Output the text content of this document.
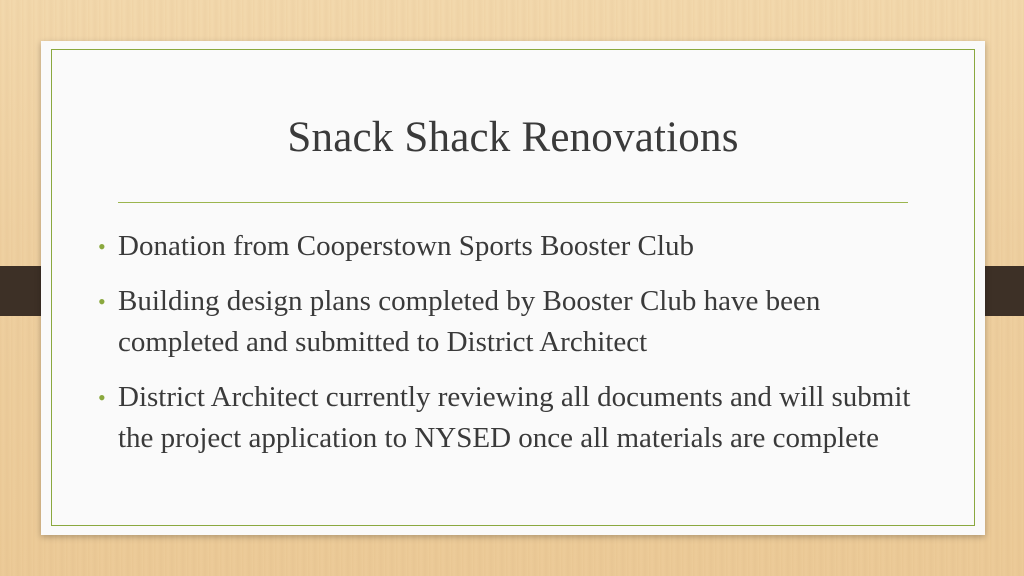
Snack Shack Renovations
• Donation from Cooperstown Sports Booster Club
• Building design plans completed by Booster Club have been completed and submitted to District Architect
• District Architect currently reviewing all documents and will submit the project application to NYSED once all materials are complete
